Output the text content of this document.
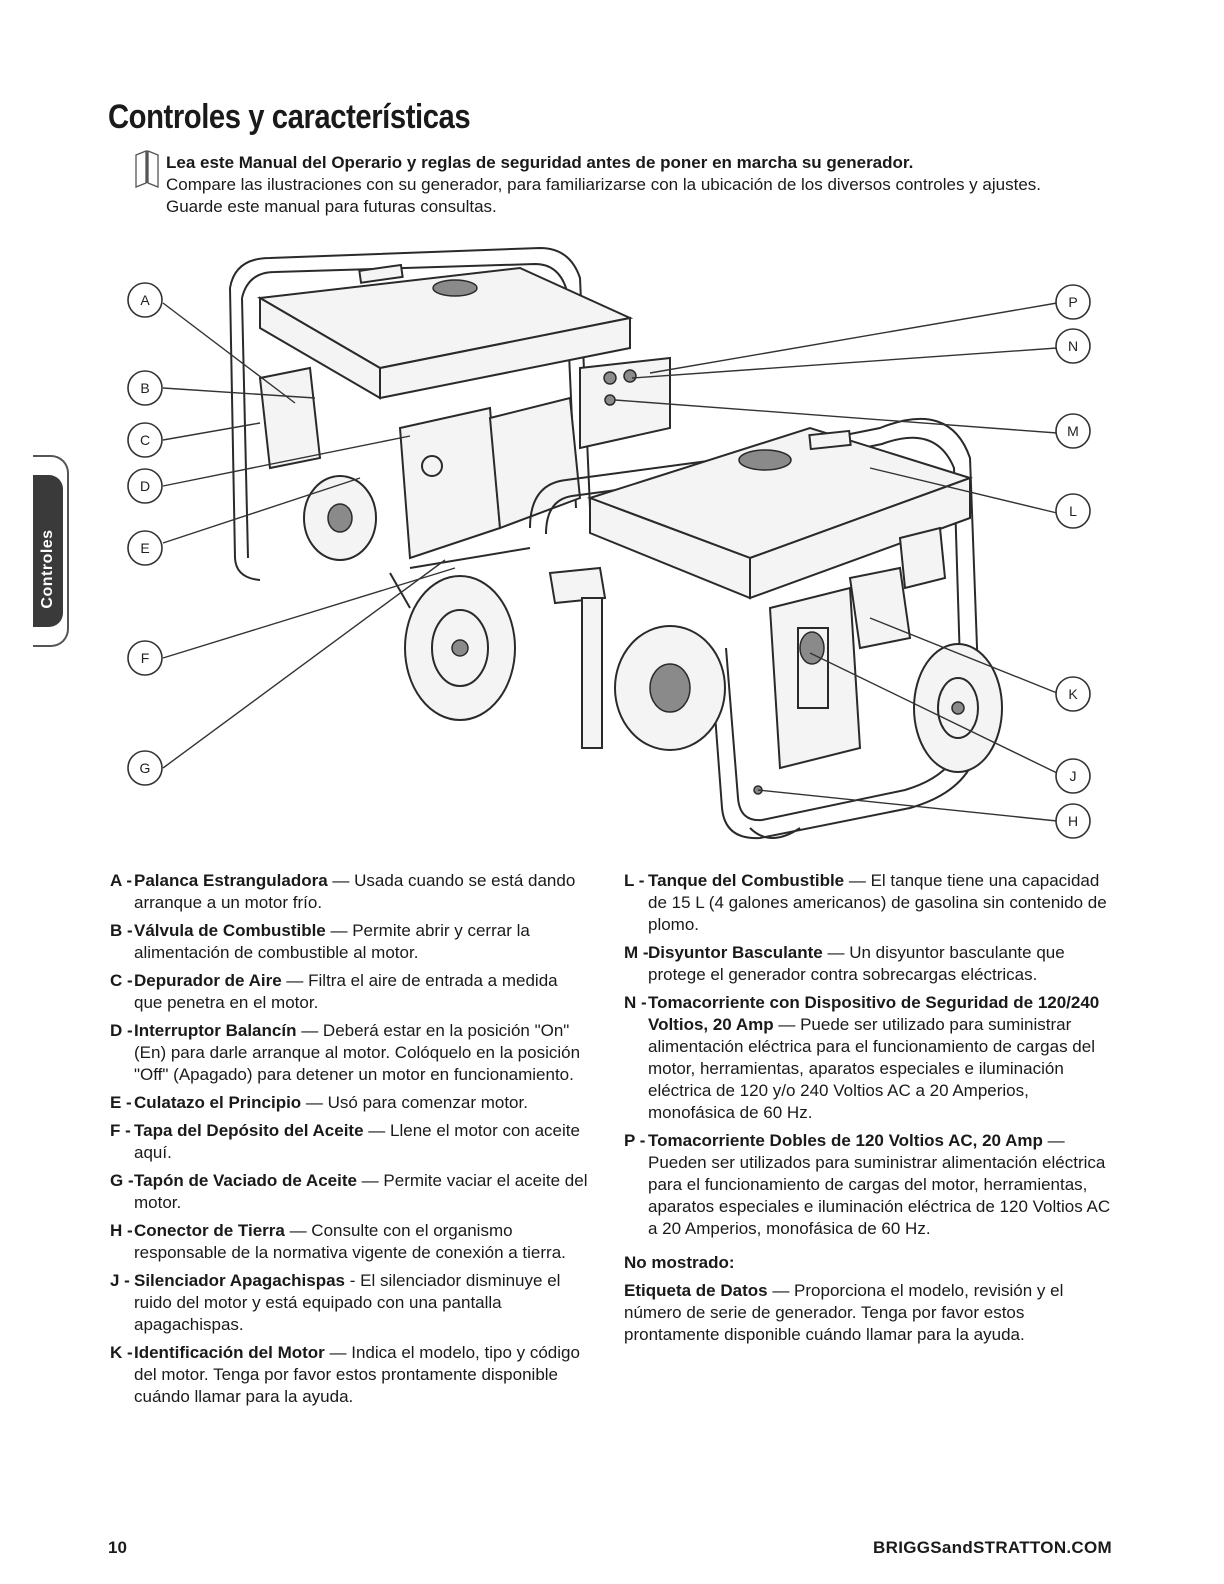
Controles y características
Lea este Manual del Operario y reglas de seguridad antes de poner en marcha su generador.
Compare las ilustraciones con su generador, para familiarizarse con la ubicación de los diversos controles y ajustes.
Guarde este manual para futuras consultas.
Controles
A
B
C
D
E
F
G
P
N
M
L
K
J
H
A - Palanca Estranguladora — Usada cuando se está dando arranque a un motor frío.
B - Válvula de Combustible — Permite abrir y cerrar la alimentación de combustible al motor.
C - Depurador de Aire — Filtra el aire de entrada a medida que penetra en el motor.
D - Interruptor Balancín — Deberá estar en la posición "On" (En) para darle arranque al motor. Colóquelo en la posición "Off" (Apagado) para detener un motor en funcionamiento.
E - Culatazo el Principio — Usó para comenzar motor.
F - Tapa del Depósito del Aceite — Llene el motor con aceite aquí.
G - Tapón de Vaciado de Aceite — Permite vaciar el aceite del motor.
H - Conector de Tierra — Consulte con el organismo responsable de la normativa vigente de conexión a tierra.
J - Silenciador Apagachispas - El silenciador disminuye el ruido del motor y está equipado con una pantalla apagachispas.
K - Identificación del Motor — Indica el modelo, tipo y código del motor. Tenga por favor estos prontamente disponible cuándo llamar para la ayuda.
L - Tanque del Combustible — El tanque tiene una capacidad de 15 L (4 galones americanos) de gasolina sin contenido de plomo.
M - Disyuntor Basculante — Un disyuntor basculante que protege el generador contra sobrecargas eléctricas.
N - Tomacorriente con Dispositivo de Seguridad de 120/240 Voltios, 20 Amp — Puede ser utilizado para suministrar alimentación eléctrica para el funcionamiento de cargas del motor, herramientas, aparatos especiales e iluminación eléctrica de 120 y/o 240 Voltios AC a 20 Amperios, monofásica de 60 Hz.
P - Tomacorriente Dobles de 120 Voltios AC, 20 Amp — Pueden ser utilizados para suministrar alimentación eléctrica para el funcionamiento de cargas del motor, herramientas, aparatos especiales e iluminación eléctrica de 120 Voltios AC a 20 Amperios, monofásica de 60 Hz.
No mostrado:
Etiqueta de Datos — Proporciona el modelo, revisión y el número de serie de generador. Tenga por favor estos prontamente disponible cuándo llamar para la ayuda.
10	BRIGGSandSTRATTON.COM
